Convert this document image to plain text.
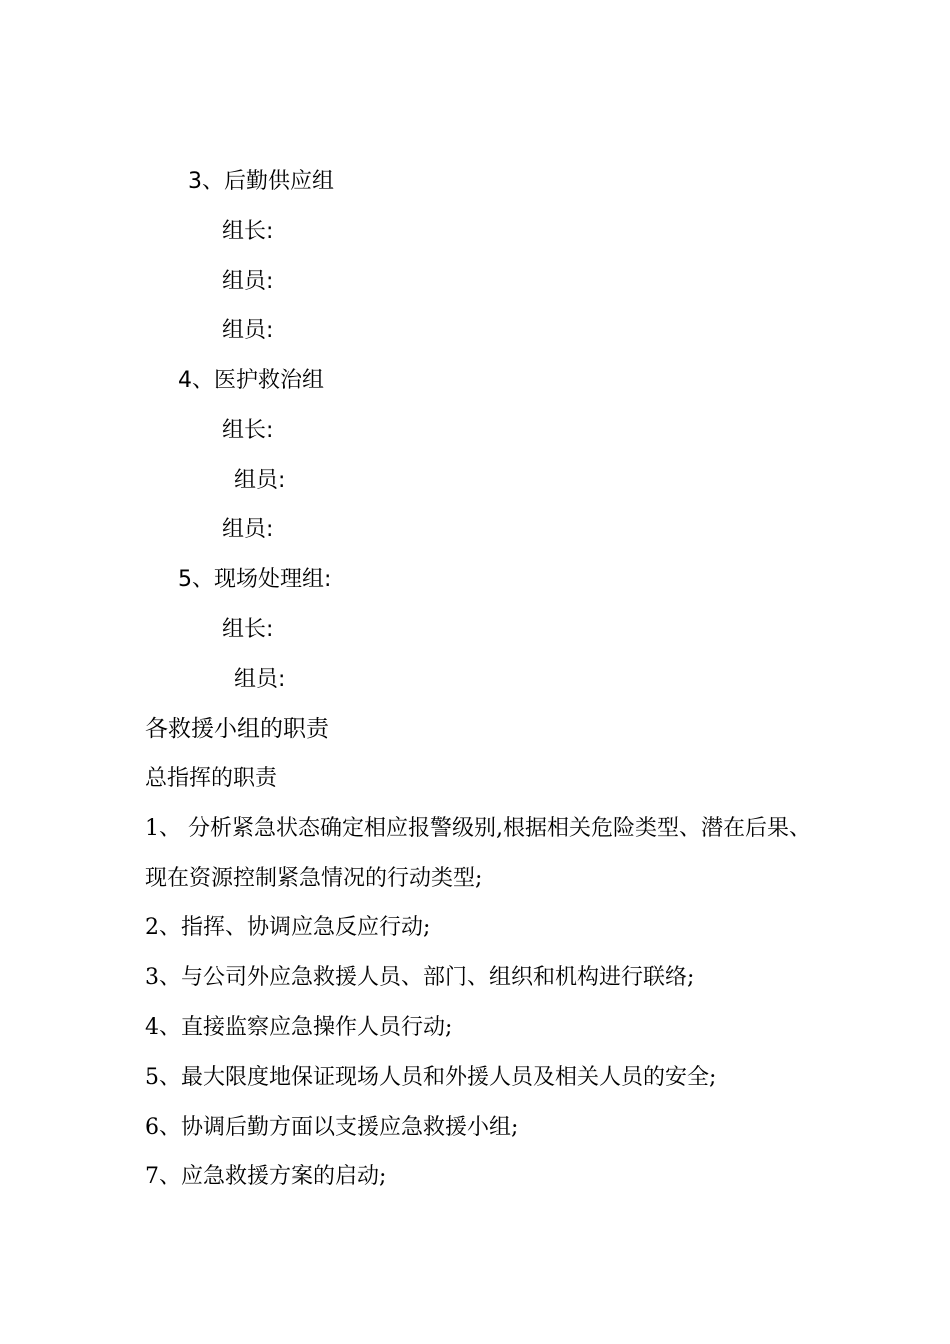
3、后勤供应组
组长:
组员:
组员:
4、医护救治组
组长:
组员:
组员:
5、现场处理组:
组长:
组员:
各救援小组的职责
总指挥的职责
1、 分析紧急状态确定相应报警级别,根据相关危险类型、潜在后果、
现在资源控制紧急情况的行动类型;
2、指挥、协调应急反应行动;
3、与公司外应急救援人员、部门、组织和机构进行联络;
4、直接监察应急操作人员行动;
5、最大限度地保证现场人员和外援人员及相关人员的安全;
6、协调后勤方面以支援应急救援小组;
7、应急救援方案的启动;
